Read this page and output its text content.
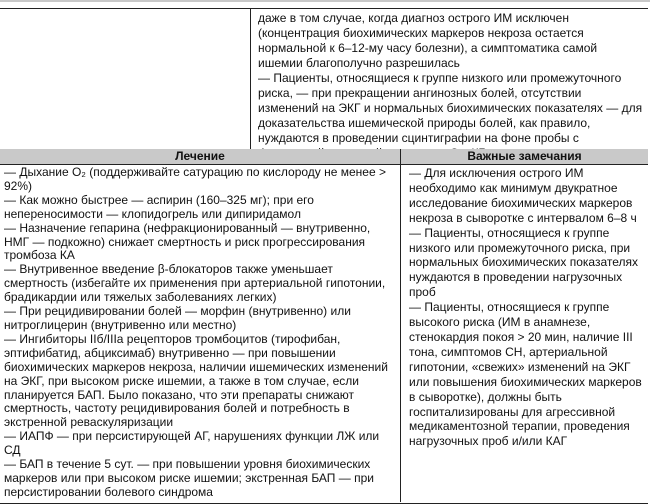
даже в том случае, когда диагноз острого ИМ исключен (концентрация биохимических маркеров некроза остается нормальной к 6–12-му часу болезни), а симптоматика самой ишемии благополучно разрешилась

— Пациенты, относящиеся к группе низкого или промежуточного риска, — при прекращении ангинозных болей, отсутствии изменений на ЭКГ и нормальных биохимических показателях — для доказательства ишемической природы болей, как правило, нуждаются в проведении сцинтиграфии на фоне пробы с

Лечение	Важные замечания

— Дыхание O₂ (поддерживайте сатурацию по кислороду не менее > 92%)

— Как можно быстрее — аспирин (160–325 мг); при его непереносимости — клопидогрель или дипиридамол

— Назначение гепарина (нефракционированный — внутривенно, НМГ — подкожно) снижает смертность и риск прогрессирования тромбоза КА

— Внутривенное введение β-блокаторов также уменьшает смертность (избегайте их применения при артериальной гипотонии, брадикардии или тяжелых заболеваниях легких)

— При рецидивировании болей — морфин (внутривенно) или нитроглицерин (внутривенно или местно)

— Ингибиторы IIб/IIIа рецепторов тромбоцитов (тирофибан, эптифибатид, абциксимаб) внутривенно — при повышении биохимических маркеров некроза, наличии ишемических изменений на ЭКГ, при высоком риске ишемии, а также в том случае, если планируется БАП. Было показано, что эти препараты снижают смертность, частоту рецидивирования болей и потребность в экстренной реваскуляризации

— ИАПФ — при персистирующей АГ, нарушениях функции ЛЖ или СД

— БАП в течение 5 сут. — при повышении уровня биохимических маркеров или при высоком риске ишемии; экстренная БАП — при персистировании болевого синдрома

— Для исключения острого ИМ необходимо как минимум двукратное исследование биохимических маркеров некроза в сыворотке с интервалом 6–8 ч

— Пациенты, относящиеся к группе низкого или промежуточного риска, при нормальных биохимических показателях нуждаются в проведении нагрузочных проб

— Пациенты, относящиеся к группе высокого риска (ИМ в анамнезе, стенокардия покоя > 20 мин, наличие III тона, симптомов СН, артериальной гипотонии, «свежих» изменений на ЭКГ или повышения биохимических маркеров в сыворотке), должны быть госпитализированы для агрессивной медикаментозной терапии, проведения нагрузочных проб и/или КАГ
